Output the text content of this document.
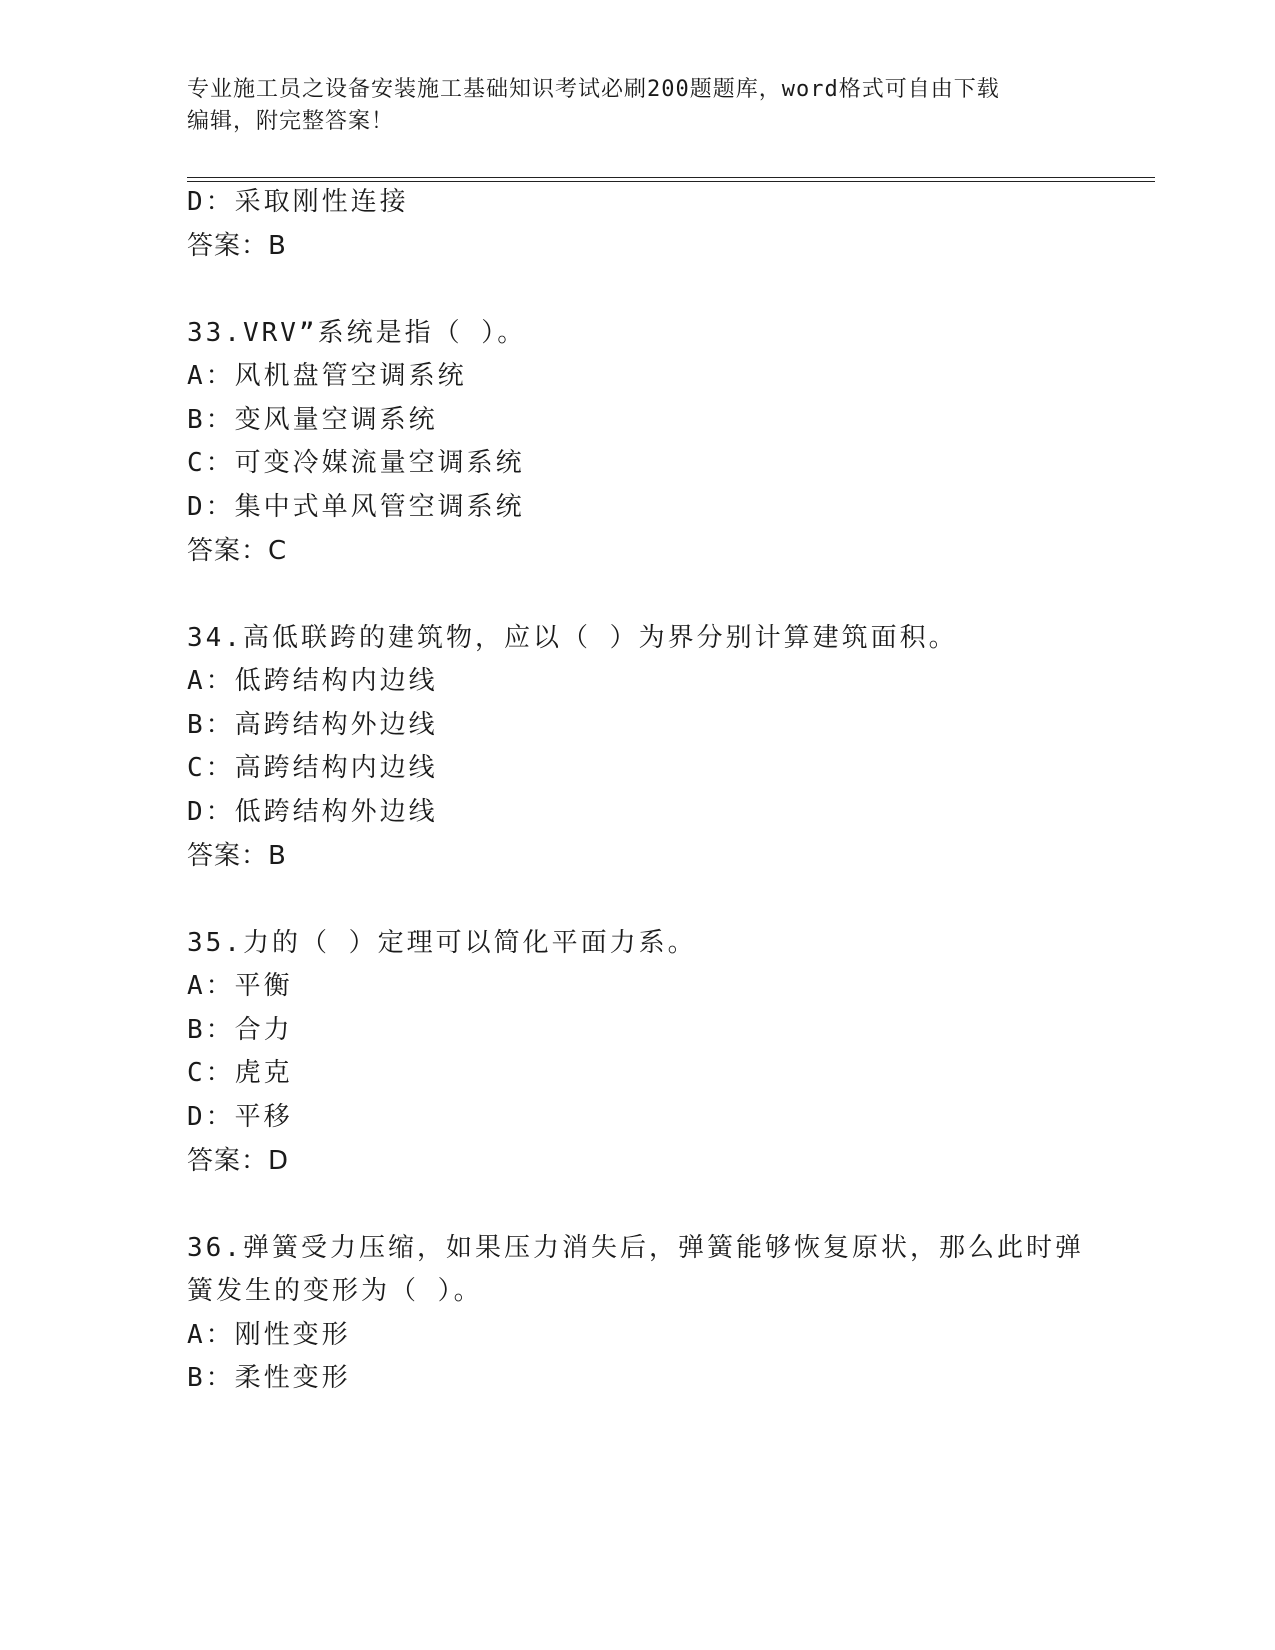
专业施工员之设备安装施工基础知识考试必刷200题题库，word格式可自由下载
编辑，附完整答案！
D：采取刚性连接
答案：B
33.VRV”系统是指（ ）。
A：风机盘管空调系统
B：变风量空调系统
C：可变冷媒流量空调系统
D：集中式单风管空调系统
答案：C
34.高低联跨的建筑物，应以（ ）为界分别计算建筑面积。
A：低跨结构内边线
B：高跨结构外边线
C：高跨结构内边线
D：低跨结构外边线
答案：B
35.力的（ ）定理可以简化平面力系。
A：平衡
B：合力
C：虎克
D：平移
答案：D
36.弹簧受力压缩，如果压力消失后，弹簧能够恢复原状，那么此时弹
簧发生的变形为（ ）。
A：刚性变形
B：柔性变形
